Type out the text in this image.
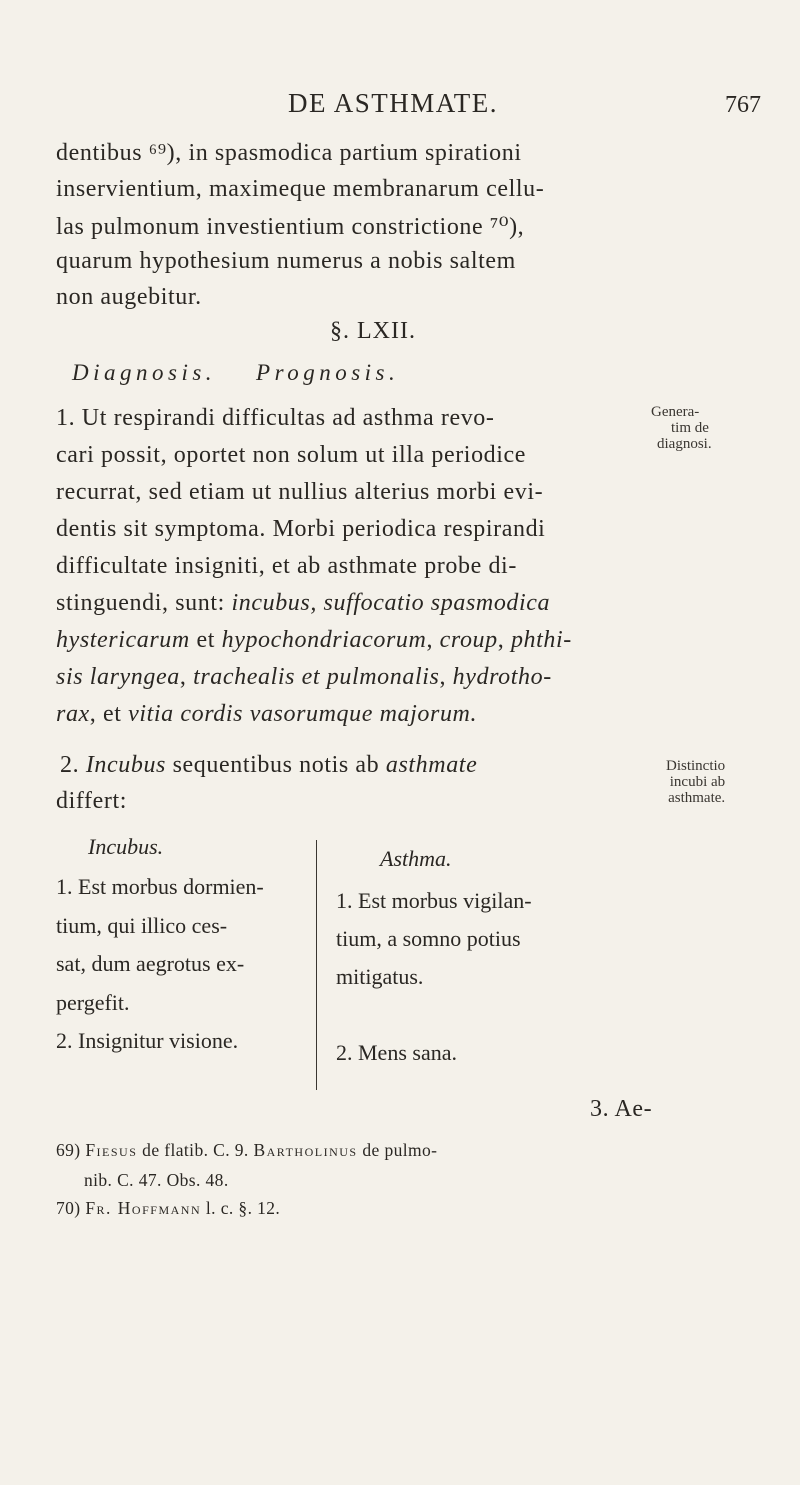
DE ASTHMATE.	767
dentibus ⁶⁹), in spasmodica partium spirationi
inservientium, maximeque membranarum cellu-
las pulmonum investientium constrictione ⁷⁰),
quarum hypothesium numerus a nobis saltem
non augebitur.
§. LXII.
Diagnosis. Prognosis.
1. Ut respirandi difficultas ad asthma revo-
cari possit, oportet non solum ut illa periodice
recurrat, sed etiam ut nullius alterius morbi evi-
dentis sit symptoma. Morbi periodica respirandi
difficultate insigniti, et ab asthmate probe di-
stinguendi, sunt: incubus, suffocatio spasmodica
hystericarum et hypochondriacorum, croup, phthi-
sis laryngea, trachealis et pulmonalis, hydrotho-
rax, et vitia cordis vasorumque majorum.
Genera-
tim de
diagnosi.
2. Incubus sequentibus notis ab asthmate
differt:
Distinctio
incubi ab
asthmate.
Incubus.
1. Est morbus dormien-
tium, qui illico ces-
sat, dum aegrotus ex-
pergefit.
2. Insignitur visione.
Asthma.
1. Est morbus vigilan-
tium, a somno potius
mitigatus.
2. Mens sana.
3. Ae-
69) Fiesus de flatib. C. 9. Bartholinus de pulmo-
nib. C. 47. Obs. 48.
70) Fr. Hoffmann l. c. §. 12.
